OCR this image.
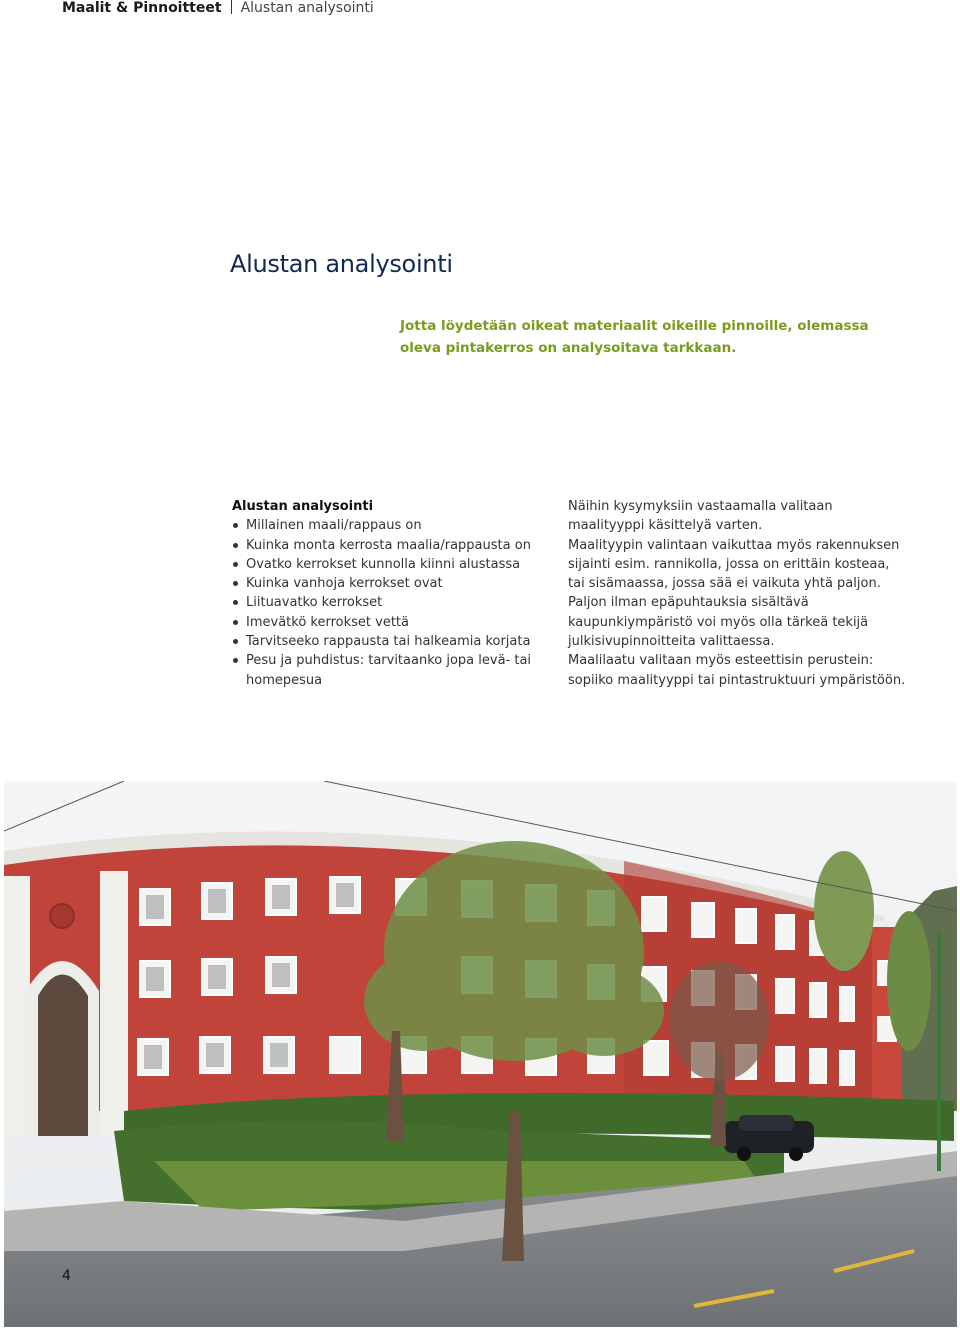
Maalit & Pinnoitteet Alustan analysointi
Alustan analysointi

Jotta löydetään oikeat materiaalit oikeille pinnoille, olemassa oleva pintakerros on analysoitava tarkkaan.

Alustan analysointi
Millainen maali/rappaus on
Kuinka monta kerrosta maalia/rappausta on
Ovatko kerrokset kunnolla kiinni alustassa
Kuinka vanhoja kerrokset ovat
Liituavatko kerrokset
Imevätkö kerrokset vettä
Tarvitseeko rappausta tai halkeamia korjata
Pesu ja puhdistus: tarvitaanko jopa levä- tai homepesua

Näihin kysymyksiin vastaamalla valitaan maalityyppi käsittelyä varten.

Maalityypin valintaan vaikuttaa myös rakennuksen sijainti esim. rannikolla, jossa on erittäin kosteaa, tai sisämaassa, jossa sää ei vaikuta yhtä paljon.

Paljon ilman epäpuhtauksia sisältävä kaupunkiympäristö voi myös olla tärkeä tekijä julkisivupinnoitteita valittaessa.

Maalilaatu valitaan myös esteettisin perustein: sopiiko maalityyppi tai pintastruktuuri ympäristöön.

4
